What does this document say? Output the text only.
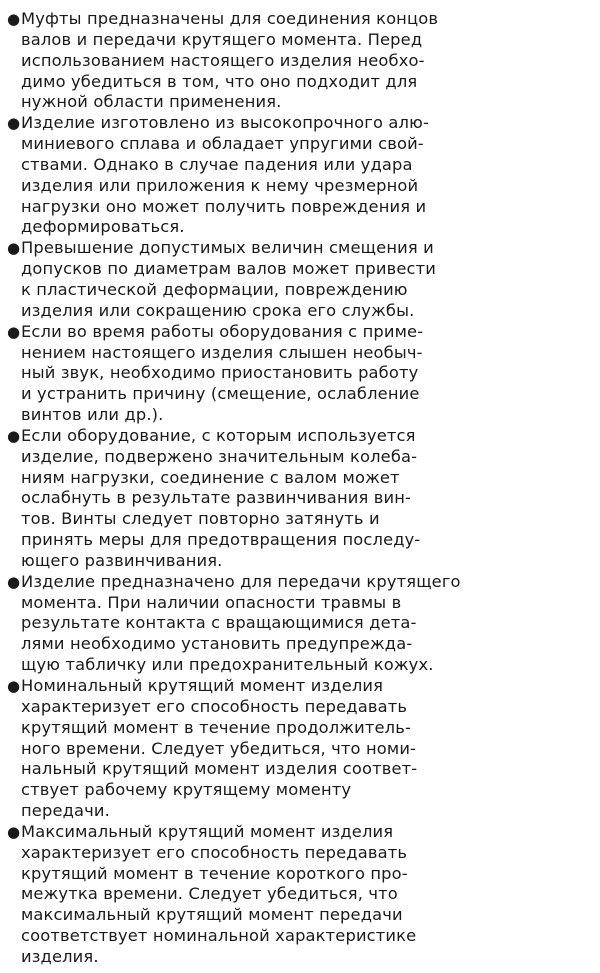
● Муфты предназначены для соединения концов
валов и передачи крутящего момента. Перед
использованием настоящего изделия необхо-
димо убедиться в том, что оно подходит для
нужной области применения.
● Изделие изготовлено из высокопрочного алю-
миниевого сплава и обладает упругими свой-
ствами. Однако в случае падения или удара
изделия или приложения к нему чрезмерной
нагрузки оно может получить повреждения и
деформироваться.
● Превышение допустимых величин смещения и
допусков по диаметрам валов может привести
к пластической деформации, повреждению
изделия или сокращению срока его службы.
● Если во время работы оборудования с приме-
нением настоящего изделия слышен необыч-
ный звук, необходимо приостановить работу
и устранить причину (смещение, ослабление
винтов или др.).
● Если оборудование, с которым используется
изделие, подвержено значительным колеба-
ниям нагрузки, соединение с валом может
ослабнуть в результате развинчивания вин-
тов. Винты следует повторно затянуть и
принять меры для предотвращения последу-
ющего развинчивания.
● Изделие предназначено для передачи крутящего
момента. При наличии опасности травмы в
результате контакта с вращающимися дета-
лями необходимо установить предупрежда-
щую табличку или предохранительный кожух.
● Номинальный крутящий момент изделия
характеризует его способность передавать
крутящий момент в течение продолжитель-
ного времени. Следует убедиться, что номи-
нальный крутящий момент изделия соответ-
ствует рабочему крутящему моменту
передачи.
● Максимальный крутящий момент изделия
характеризует его способность передавать
крутящий момент в течение короткого про-
межутка времени. Следует убедиться, что
максимальный крутящий момент передачи
соответствует номинальной характеристике
изделия.
